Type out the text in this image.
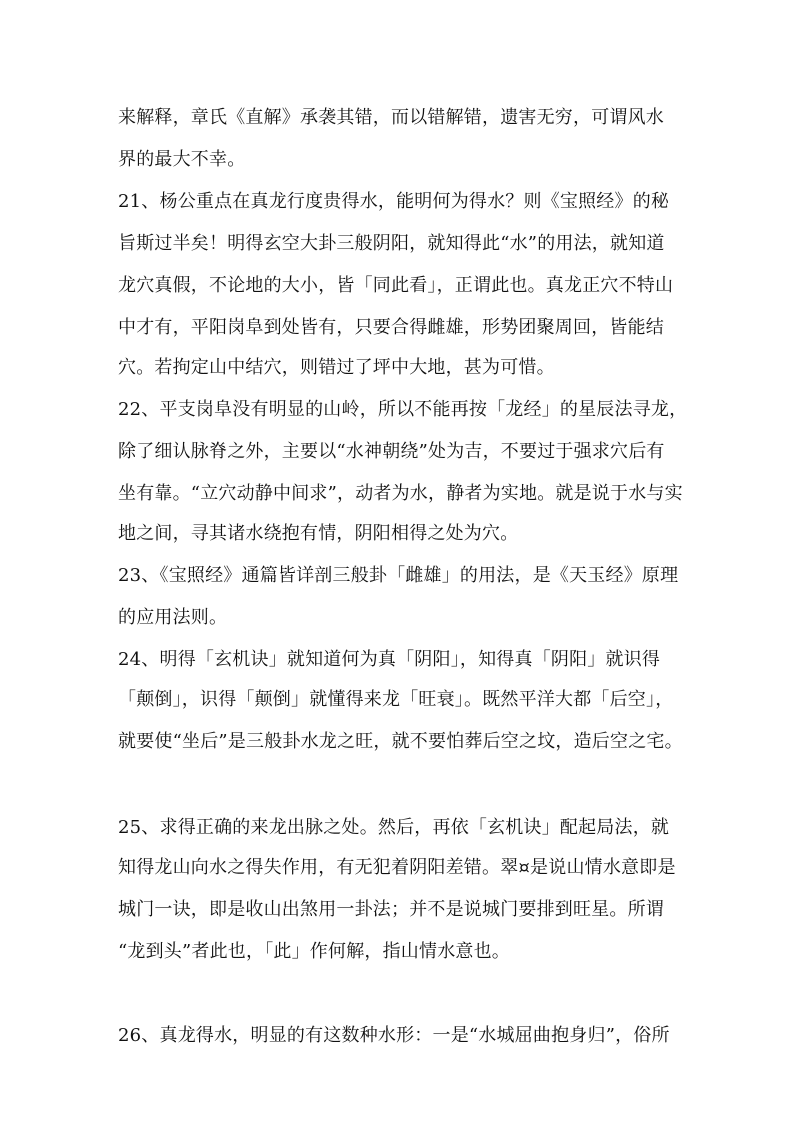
来解释，章氏《直解》承袭其错，而以错解错，遗害无穷，可谓风水
界的最大不幸。
21、杨公重点在真龙行度贵得水，能明何为得水？则《宝照经》的秘
旨斯过半矣！明得玄空大卦三般阴阳，就知得此“水”的用法，就知道
龙穴真假，不论地的大小，皆「同此看」，正谓此也。真龙正穴不特山
中才有，平阳岗阜到处皆有，只要合得雌雄，形势团聚周回，皆能结
穴。若拘定山中结穴，则错过了坪中大地，甚为可惜。
22、平支岗阜没有明显的山岭，所以不能再按「龙经」的星辰法寻龙，
除了细认脉脊之外，主要以“水神朝绕”处为吉，不要过于强求穴后有
坐有靠。“立穴动静中间求”，动者为水，静者为实地。就是说于水与实
地之间，寻其诸水绕抱有情，阴阳相得之处为穴。
23、《宝照经》通篇皆详剖三般卦「雌雄」的用法，是《天玉经》原理
的应用法则。
24、明得「玄机诀」就知道何为真「阴阳」，知得真「阴阳」就识得
「颠倒」，识得「颠倒」就懂得来龙「旺衰」。既然平洋大都「后空」，
就要使“坐后”是三般卦水龙之旺，就不要怕葬后空之坟，造后空之宅。
25、求得正确的来龙出脉之处。然后，再依「玄机诀」配起局法，就
知得龙山向水之得失作用，有无犯着阴阳差错。翠¤是说山情水意即是
城门一诀，即是收山出煞用一卦法；并不是说城门要排到旺星。所谓
“龙到头”者此也，「此」作何解，指山情水意也。
26、真龙得水，明显的有这数种水形：一是“水城屈曲抱身归”，俗所
